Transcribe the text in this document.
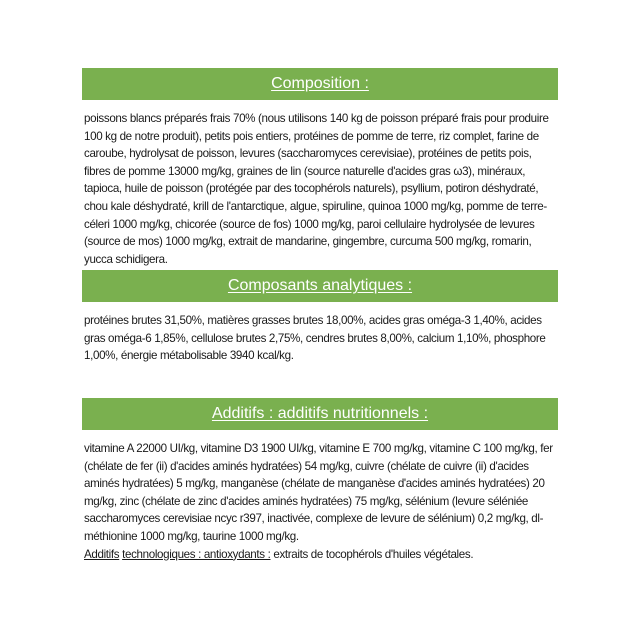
Composition :
poissons blancs préparés frais 70% (nous utilisons 140 kg de poisson préparé frais pour produire 100 kg de notre produit), petits pois entiers, protéines de pomme de terre, riz complet, farine de caroube, hydrolysat de poisson, levures (saccharomyces cerevisiae), protéines de petits pois, fibres de pomme 13000 mg/kg, graines de lin (source naturelle d'acides gras ω3), minéraux, tapioca, huile de poisson (protégée par des tocophérols naturels), psyllium, potiron déshydraté, chou kale déshydraté, krill de l'antarctique, algue, spiruline, quinoa 1000 mg/kg, pomme de terre-céleri 1000 mg/kg, chicorée (source de fos) 1000 mg/kg, paroi cellulaire hydrolysée de levures (source de mos) 1000 mg/kg, extrait de mandarine, gingembre, curcuma 500 mg/kg, romarin, yucca schidigera.
Composants analytiques :
protéines brutes 31,50%, matières grasses brutes 18,00%, acides gras oméga-3 1,40%, acides gras oméga-6 1,85%, cellulose brutes 2,75%, cendres brutes 8,00%, calcium 1,10%, phosphore 1,00%, énergie métabolisable 3940 kcal/kg.
Additifs : additifs nutritionnels :
vitamine A 22000 UI/kg, vitamine D3 1900 UI/kg, vitamine E 700 mg/kg, vitamine C 100 mg/kg, fer (chélate de fer (ii) d'acides aminés hydratées) 54 mg/kg, cuivre (chélate de cuivre (ii) d'acides aminés hydratées) 5 mg/kg, manganèse (chélate de manganèse d'acides aminés hydratées) 20 mg/kg, zinc (chélate de zinc d'acides aminés hydratées) 75 mg/kg, sélénium (levure séléniée saccharomyces cerevisiae ncyc r397, inactivée, complexe de levure de sélénium) 0,2 mg/kg, dl-méthionine 1000 mg/kg, taurine 1000 mg/kg.
Additifs technologiques : antioxydants : extraits de tocophérols d'huiles végétales.
